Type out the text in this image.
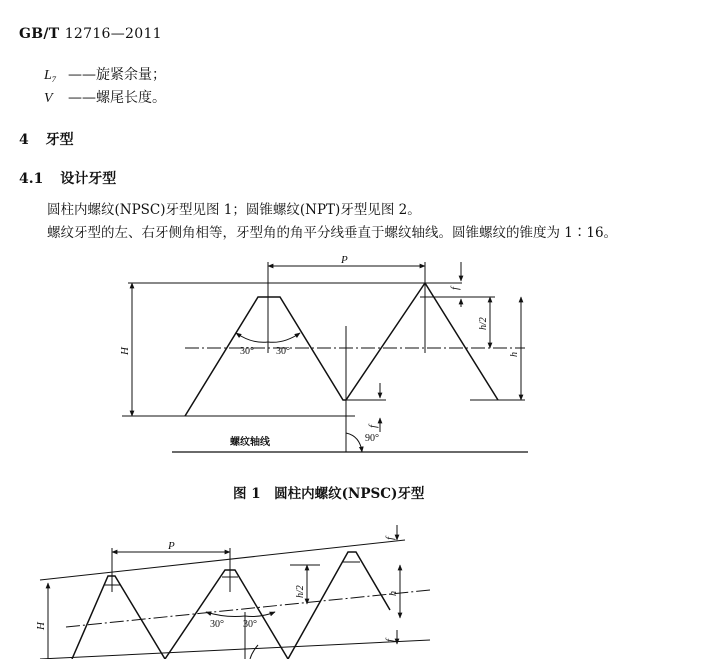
GB/T 12716—2011
L₇ ——旋紧余量；
V ——螺尾长度。
4 牙型
4.1 设计牙型
圆柱内螺纹(NPSC)牙型见图 1；圆锥螺纹(NPT)牙型见图 2。
螺纹牙型的左、右牙侧角相等，牙型角的角平分线垂直于螺纹轴线。圆锥螺纹的锥度为 1∶16。
P
H
f
h/2
h
f
30° 30°
90°
螺纹轴线
P
H
h/2	h
f
f
30° 30°
图 1　圆柱内螺纹(NPSC)牙型
